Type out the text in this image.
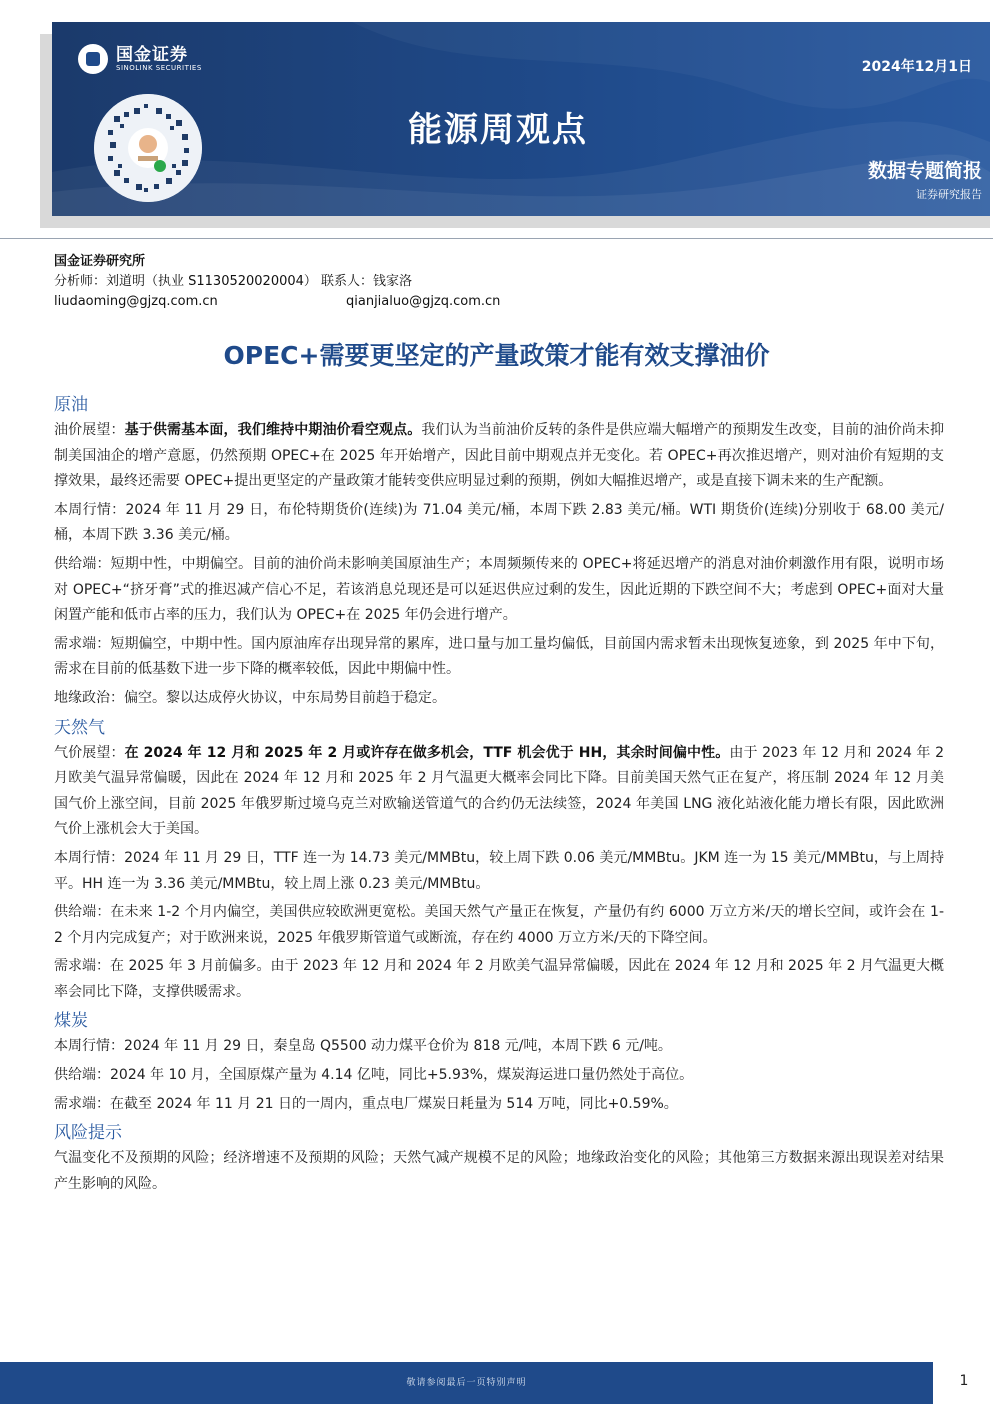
国金证券
SINOLINK SECURITIES	2024年12月1日
能源周观点
数据专题简报
证券研究报告
国金证券研究所
分析师：刘道明（执业 S1130520020004） 联系人：钱家洛
liudaoming@gjzq.com.cn	qianjialuo@gjzq.com.cn
OPEC+需要更坚定的产量政策才能有效支撑油价
原油

油价展望：基于供需基本面，我们维持中期油价看空观点。我们认为当前油价反转的条件是供应端大幅增产的预期发生改变，目前的油价尚未抑制美国油企的增产意愿，仍然预期 OPEC+在 2025 年开始增产，因此目前中期观点并无变化。若 OPEC+再次推迟增产，则对油价有短期的支撑效果，最终还需要 OPEC+提出更坚定的产量政策才能转变供应明显过剩的预期，例如大幅推迟增产，或是直接下调未来的生产配额。

本周行情：2024 年 11 月 29 日，布伦特期货价(连续)为 71.04 美元/桶，本周下跌 2.83 美元/桶。WTI 期货价(连续)分别收于 68.00 美元/桶，本周下跌 3.36 美元/桶。

供给端：短期中性，中期偏空。目前的油价尚未影响美国原油生产；本周频频传来的 OPEC+将延迟增产的消息对油价刺激作用有限，说明市场对 OPEC+“挤牙膏”式的推迟减产信心不足，若该消息兑现还是可以延迟供应过剩的发生，因此近期的下跌空间不大；考虑到 OPEC+面对大量闲置产能和低市占率的压力，我们认为 OPEC+在 2025 年仍会进行增产。

需求端：短期偏空，中期中性。国内原油库存出现异常的累库，进口量与加工量均偏低，目前国内需求暂未出现恢复迹象，到 2025 年中下旬，需求在目前的低基数下进一步下降的概率较低，因此中期偏中性。

地缘政治：偏空。黎以达成停火协议，中东局势目前趋于稳定。

天然气

气价展望：在 2024 年 12 月和 2025 年 2 月或许存在做多机会，TTF 机会优于 HH，其余时间偏中性。由于 2023 年 12 月和 2024 年 2 月欧美气温异常偏暖，因此在 2024 年 12 月和 2025 年 2 月气温更大概率会同比下降。目前美国天然气正在复产，将压制 2024 年 12 月美国气价上涨空间，目前 2025 年俄罗斯过境乌克兰对欧输送管道气的合约仍无法续签，2024 年美国 LNG 液化站液化能力增长有限，因此欧洲气价上涨机会大于美国。

本周行情：2024 年 11 月 29 日，TTF 连一为 14.73 美元/MMBtu，较上周下跌 0.06 美元/MMBtu。JKM 连一为 15 美元/MMBtu，与上周持平。HH 连一为 3.36 美元/MMBtu，较上周上涨 0.23 美元/MMBtu。

供给端：在未来 1-2 个月内偏空，美国供应较欧洲更宽松。美国天然气产量正在恢复，产量仍有约 6000 万立方米/天的增长空间，或许会在 1-2 个月内完成复产；对于欧洲来说，2025 年俄罗斯管道气或断流，存在约 4000 万立方米/天的下降空间。

需求端：在 2025 年 3 月前偏多。由于 2023 年 12 月和 2024 年 2 月欧美气温异常偏暖，因此在 2024 年 12 月和 2025 年 2 月气温更大概率会同比下降，支撑供暖需求。

煤炭

本周行情：2024 年 11 月 29 日，秦皇岛 Q5500 动力煤平仓价为 818 元/吨，本周下跌 6 元/吨。

供给端：2024 年 10 月，全国原煤产量为 4.14 亿吨，同比+5.93%，煤炭海运进口量仍然处于高位。

需求端：在截至 2024 年 11 月 21 日的一周内，重点电厂煤炭日耗量为 514 万吨，同比+0.59%。

风险提示

气温变化不及预期的风险；经济增速不及预期的风险；天然气减产规模不足的风险；地缘政治变化的风险；其他第三方数据来源出现误差对结果产生影响的风险。

敬请参阅最后一页特别声明	1
